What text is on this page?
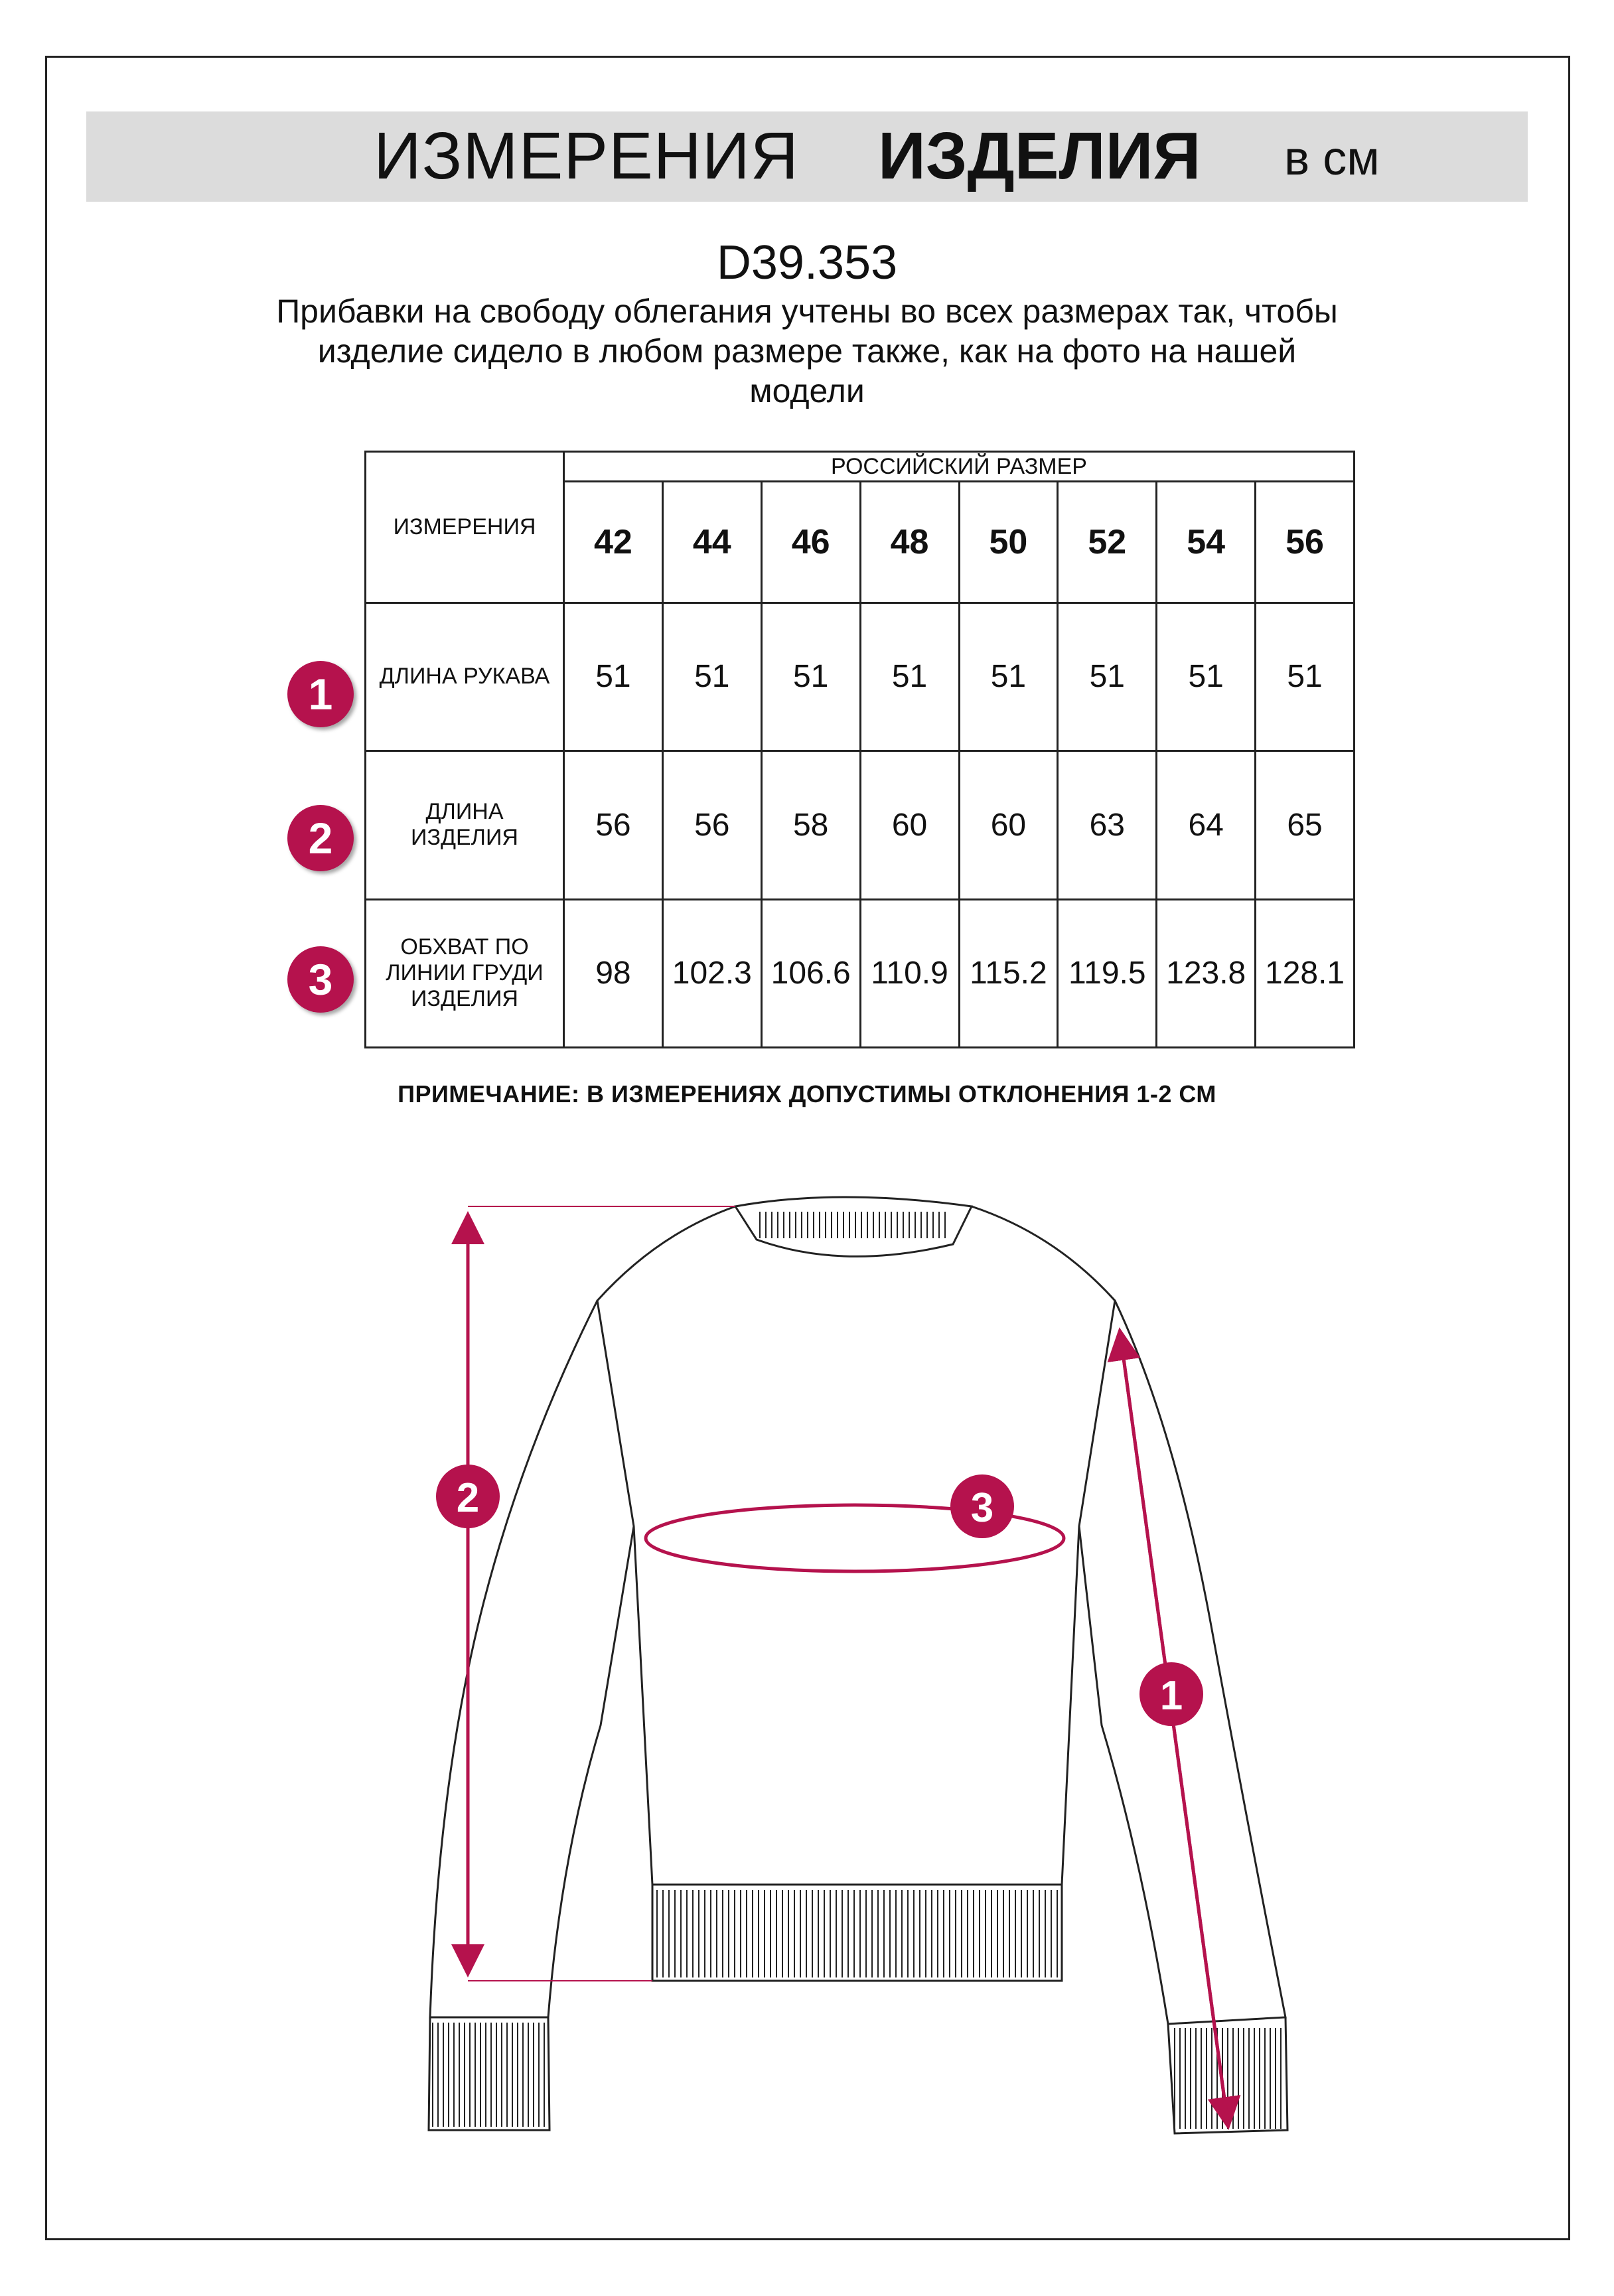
ИЗМЕРЕНИЯ ИЗДЕЛИЯ в см
D39.353
Прибавки на свободу облегания учтены во всех размерах так, чтобы
изделие сидело в любом размере также, как на фото на нашей
модели
ИЗМЕРЕНИЯ	РОССИЙСКИЙ РАЗМЕР							
	42	44	46	48	50	52	54	56
ДЛИНА РУКАВА	51	51	51	51	51	51	51	51
ДЛИНА
ИЗДЕЛИЯ	56	56	58	60	60	63	64	65
ОБХВАТ ПО
ЛИНИИ ГРУДИ
ИЗДЕЛИЯ	98	102.3	106.6	110.9	115.2	119.5	123.8	128.1
1
2
3
ПРИМЕЧАНИЕ: В ИЗМЕРЕНИЯХ ДОПУСТИМЫ ОТКЛОНЕНИЯ 1-2 СМ
2	3
1
